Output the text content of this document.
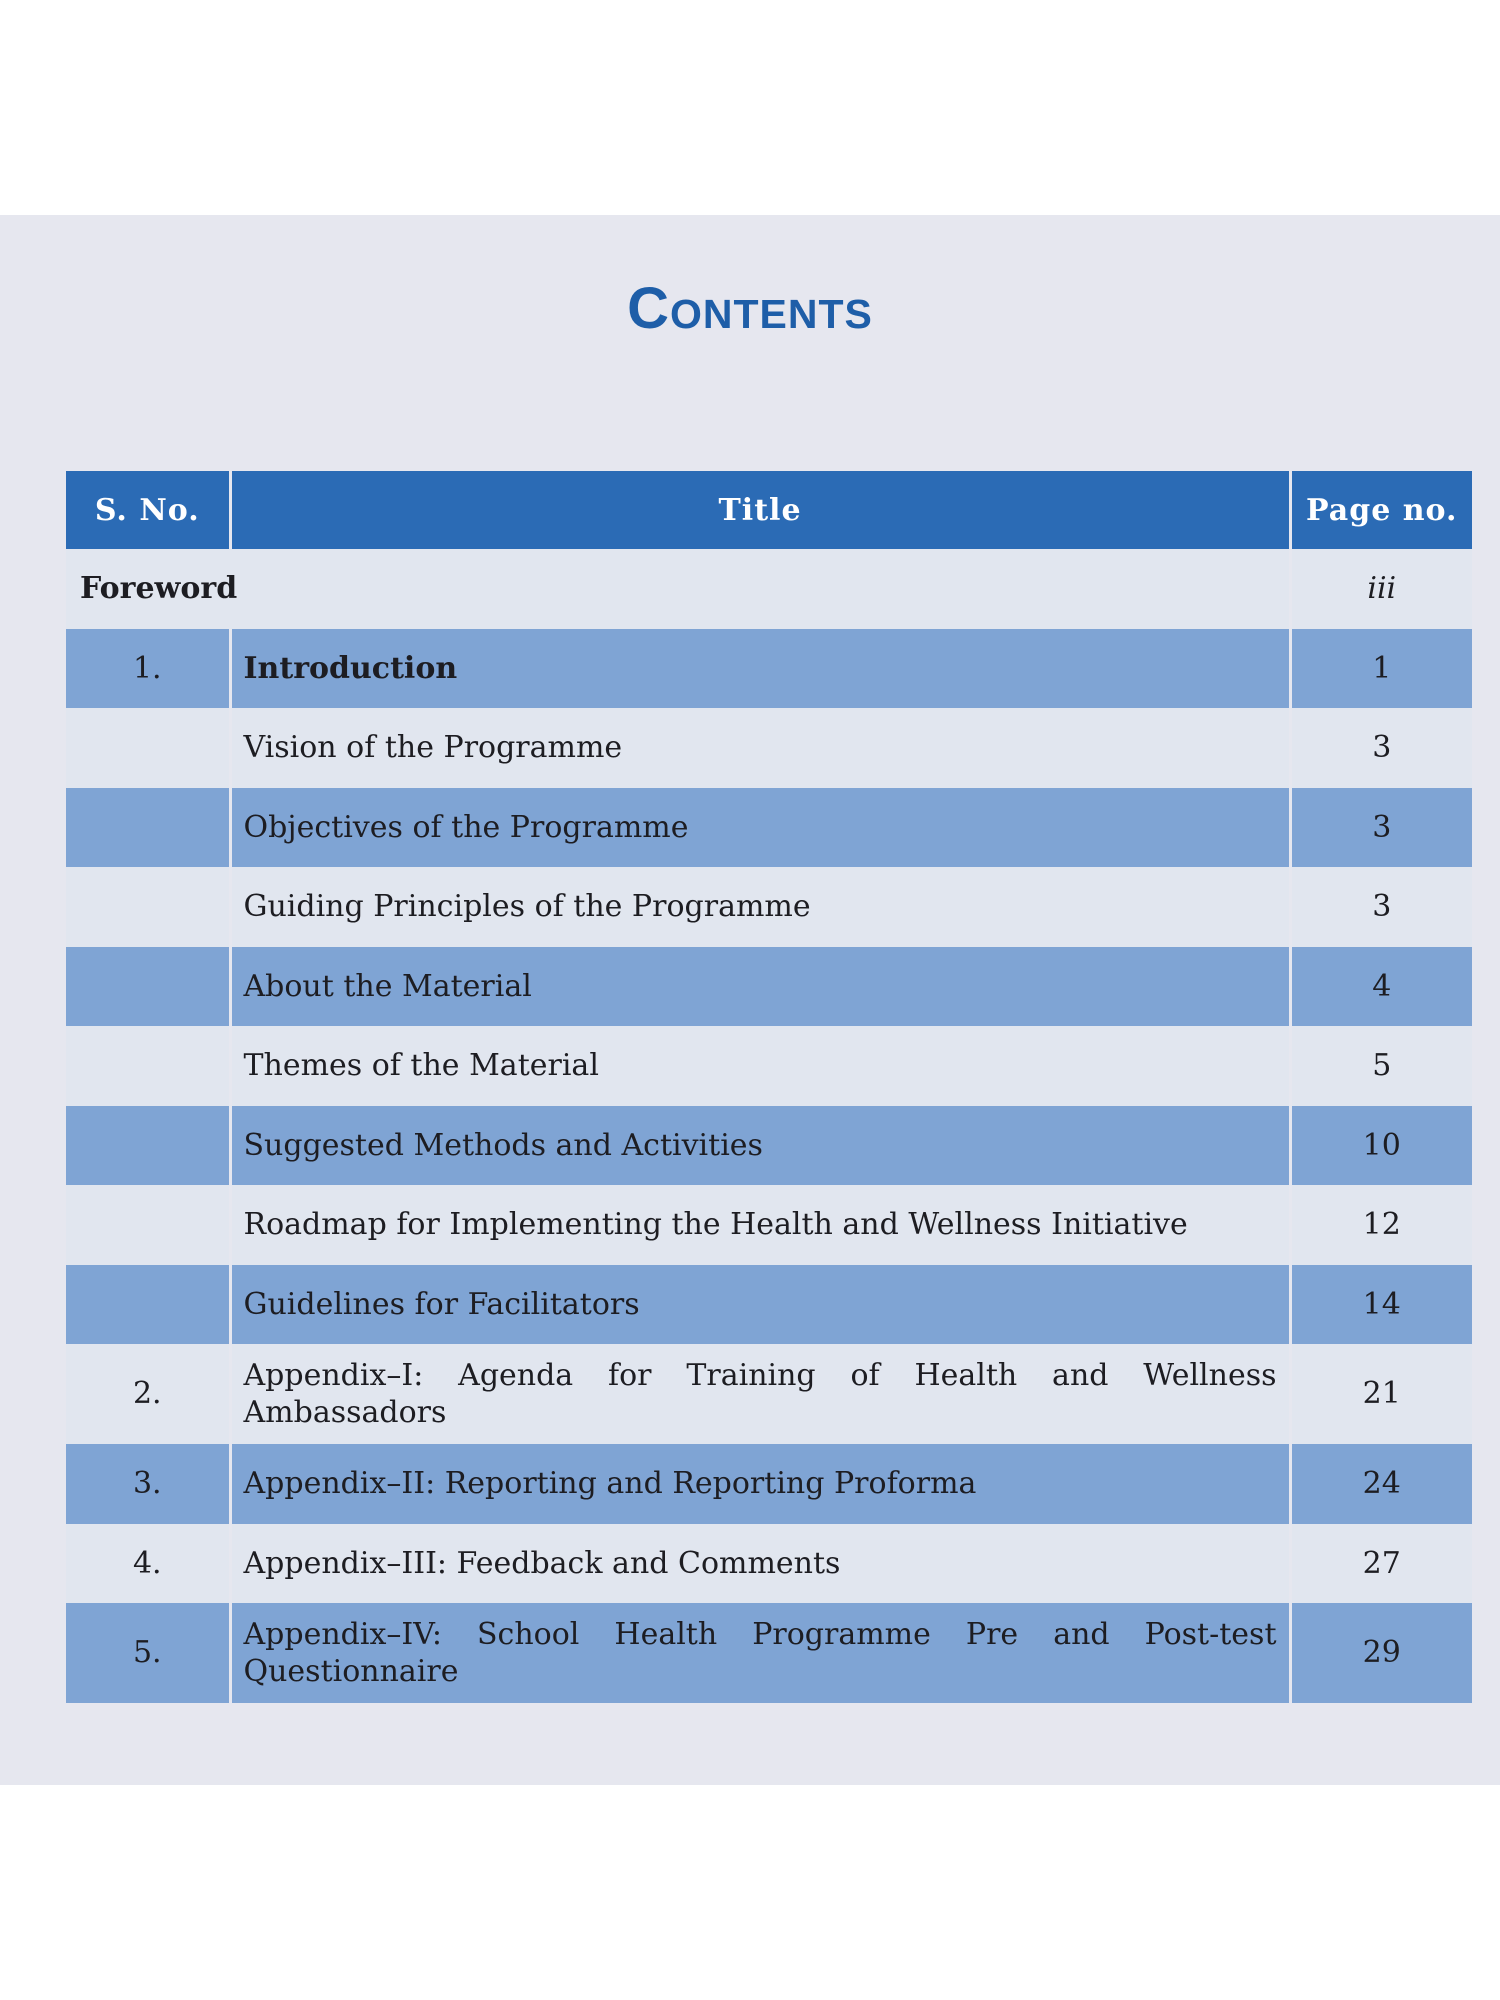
Contents
S. No.	Title	Page no.
Foreword		iii
1.	Introduction	1
	Vision of the Programme	3
	Objectives of the Programme	3
	Guiding Principles of the Programme	3
	About the Material	4
	Themes of the Material	5
	Suggested Methods and Activities	10
	Roadmap for Implementing the Health and Wellness Initiative	12
	Guidelines for Facilitators	14
2.	Appendix–I: Agenda for Training of Health and Wellness Ambassadors	21
3.	Appendix–II: Reporting and Reporting Proforma	24
4.	Appendix–III: Feedback and Comments	27
5.	Appendix–IV: School Health Programme Pre and Post-test Questionnaire	29
